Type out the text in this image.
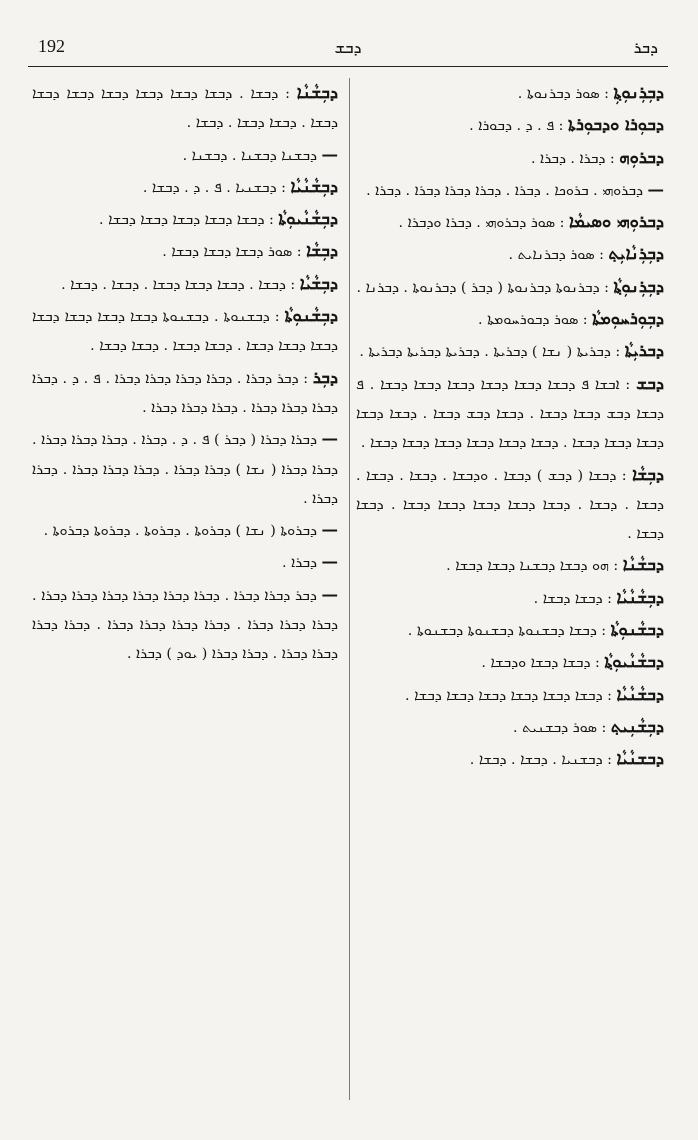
192	ܕܒܫ	ܕܒܪ

ܕܒܼܪܼܢܘܼܬ݂ܼܐ : ܣܘܪ ܕܒܪܢܘܬܐ .

ܕܒܘܼܪܐ ܘܕܒܘܼܪܬܐ : ܦ . ܕ . ܕܒܘܪܐ .

ܕܒܪܘܼܗ : ܕܒܪܐ . ܕܒܪܐ .

— ܕܒܪܘܗܝ . ܒܪܘܟܐ . ܕܒܪܐ . ܕܒܪܐ ܕܒܪܐ ܕܒܪܐ . ܕܒܪܐ .

ܕܒܪܘܼܗܝ ܘܣܝܡܵܐ : ܣܘܪ ܕܒܪܘܗܝ . ܕܒܪܐ ܘܕܒܪܐ .

ܕܒܼܪܼܢܵܐܝܼܬ݂ : ܣܘܪ ܕܒܪܢܐܝܬ .

ܕܒܼܪܼܢܘܼܬ݂ܵܐ : ܕܒܪܢܘܬܐ ܕܒܪܢܘܬܐ ( ܕܒܪ ) ܕܒܪܢܘܬܐ . ܕܒܪܢܐ .

ܕܒܼܘܼܪܚܘܼܡܬܵܐ : ܣܘܪ ܕܒܘܪܚܘܡܬܐ .

ܕܒܪܝܼܬܵܐ : ܕܒܪܝܬܐ ( ܢܫܐ ) ܕܒܪܝܬܐ . ܕܒܪܝܬܐ ܕܒܪܝܬܐ ܕܒܪܝܬܐ .

ܕܒܫ : ܐܒܫܐ ܦ ܕܒܫܐ ܕܒܫܐ ܕܒܫܐ ܕܒܫܐ ܕܒܫܐ ܕܒܫܐ . ܦ ܕܒܫܐ ܕܒܫ ܕܒܫܐ ܕܒܫܐ . ܕܒܫܐ ܕܒܫ ܕܒܫܐ . ܕܒܫܐ ܕܒܫܐ ܕܒܫܐ ܕܒܫܐ ܕܒܫܐ . ܕܒܫܐ ܕܒܫܐ ܕܒܫܐ ܕܒܫܐ ܕܒܫܐ ܕܒܫܐ .

ܕܒܼܫܵܐ : ܕܒܫܐ ( ܕܒܫ ) ܕܒܫܐ . ܘܕܒܫܐ . ܕܒܫܐ . ܕܒܫܐ . ܕܒܫܐ . ܕܒܫܐ . ܕܒܫܐ ܕܒܫܐ ܕܒܫܐ ܕܒܫܐ ܕܒܫܐ . ܕܒܫܐ ܕܒܫܐ .

ܕܒܫܵܢܵܐ : ܗܘ ܕܒܫܐ ܕܒܫܢܐ ܕܒܫܐ ܕܒܫܐ .

ܕܒܼܫܵܢܵܝܵܐ : ܕܒܫܐ ܕܒܫܐ .

ܕܒܫܵܢܘܼܬܵܐ : ܕܒܫܐ ܕܒܫܢܘܬܐ ܕܒܫܢܘܬܐ ܕܒܫܢܘܬܐ .

ܕܒܫܵܢܵܝܘܼܬ݂ܵܐ : ܕܒܫܐ ܕܒܫܐ ܘܕܒܫܐ .

ܕܒܫܵܢܵܝܵܐ : ܕܒܫܐ ܕܒܫܐ ܕܒܫܐ ܕܒܫܐ ܕܒܫܐ ܕܒܫܐ .

ܕܒܼܫܵܢܼܝܬ݂ : ܣܘܪ ܕܒܫܢܝܬ .

ܕܒܫܢܵܝܵܐ : ܕܒܫܢܝܐ . ܕܒܫܐ . ܕܒܫܐ .

ܕܒܼܫܵܢܵܐ : ܕܒܫܐ . ܕܒܫܐ ܕܒܫܐ ܕܒܫܐ ܕܒܫܐ ܕܒܫܐ ܕܒܫܐ ܕܒܫܐ . ܕܒܫܐ ܕܒܫܐ . ܕܒܫܐ .

— ܕܒܫܢܐ ܕܒܫܢܐ . ܕܒܫܢܐ .

ܕܒܼܫܵܢܵܝܵܐ : ܕܒܫܢܝܐ . ܦ . ܕ . ܕܒܫܐ .

ܕܒܼܫܵܢܵܝܘܼܬܵܐ : ܕܒܫܐ ܕܒܫܐ ܕܒܫܐ ܕܒܫܐ ܕܒܫܐ .

ܕܒܼܫܵܐ : ܣܘܪ ܕܒܫܐ ܕܒܫܐ ܕܒܫܐ .

ܕܒܼܫܵܝܵܐ : ܕܒܫܐ . ܕܒܫܐ ܕܒܫܐ ܕܒܫܐ . ܕܒܫܐ . ܕܒܫܐ .

ܕܒܼܫܵܢܘܼܬܵܐ : ܕܒܫܢܘܬܐ . ܕܒܫܢܘܬܐ ܕܒܫܐ ܕܒܫܐ ܕܒܫܐ ܕܒܫܐ ܕܒܫܐ ܕܒܫܐ ܕܒܫܐ . ܕܒܫܐ ܕܒܫܐ . ܕܒܫܐ ܕܒܫܐ .

ܕܒܼܪ : ܕܒܪ ܕܒܪܐ . ܕܒܪܐ ܕܒܪܐ ܕܒܪܐ ܕܒܪܐ . ܦ . ܕ . ܕܒܪܐ ܕܒܪܐ ܕܒܪܐ ܕܒܪܐ . ܕܒܪܐ ܕܒܪܐ ܕܒܪܐ .

— ܕܒܪܐ ܕܒܪܐ ( ܕܒܪ ) ܦ . ܕ . ܕܒܪܐ . ܕܒܪܐ ܕܒܪܐ ܕܒܪܐ . ܕܒܪܐ ܕܒܪܐ ( ܢܫܐ ) ܕܒܪܐ ܕܒܪܐ . ܕܒܪܐ ܕܒܪܐ ܕܒܪܐ . ܕܒܪܐ ܕܒܪܐ .

— ܕܒܪܘܬܐ ( ܢܫܐ ) ܕܒܪܘܬܐ . ܕܒܪܘܬܐ . ܕܒܪܘܬܐ ܕܒܪܘܬܐ .

— ܕܒܪܐ .

— ܕܒܪ ܕܒܪܐ ܕܒܪܐ . ܕܒܪܐ ܕܒܪܐ ܕܒܪܐ ܕܒܪܐ ܕܒܪܐ ܕܒܪܐ . ܕܒܪܐ ܕܒܪܐ ܕܒܪܐ . ܕܒܪܐ ܕܒܪܐ ܕܒܪܐ ܕܒܪܐ . ܕܒܪܐ ܕܒܪܐ ܕܒܪܐ ܕܒܪܐ . ܕܒܪܐ ܕܒܪܐ ( ܝܘܕ ) ܕܒܪܐ .
